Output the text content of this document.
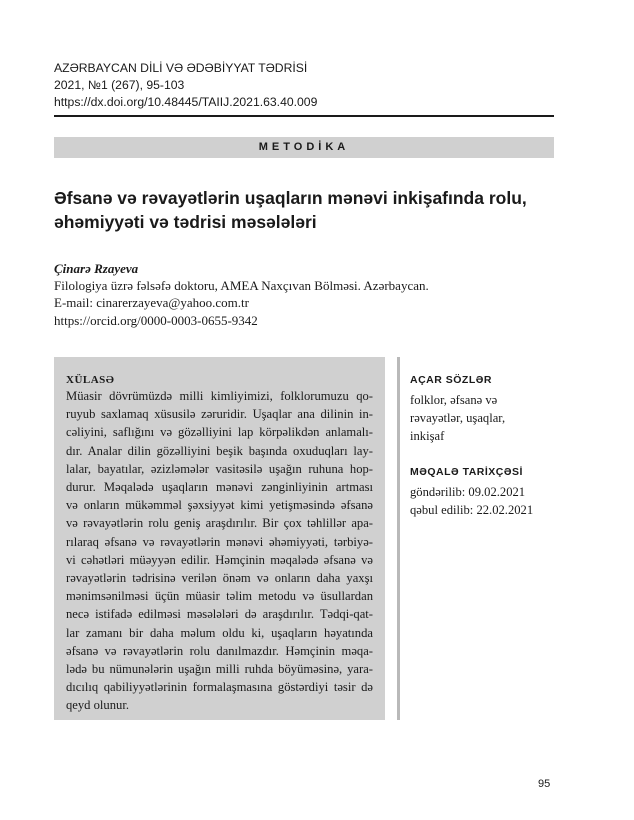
AZƏRBAYCAN DİLİ VƏ ƏDƏBİYYAT TƏDRİSİ
2021, №1 (267), 95-103
https://dx.doi.org/10.48445/TAIIJ.2021.63.40.009
METODİKA
Əfsanə və rəvayətlərin uşaqların mənəvi inkişafında rolu,
əhəmiyyəti və tədrisi məsələləri
Çinarə Rzayeva
Filologiya üzrə fəlsəfə doktoru, AMEA Naxçıvan Bölməsi. Azərbaycan.
E-mail: cinarerzayeva@yahoo.com.tr
https://orcid.org/0000-0003-0655-9342
XÜLASƏ
Müasir dövrümüzdə milli kimliyimizi, folklorumuzu qo-
ruyub saxlamaq xüsusilə zəruridir. Uşaqlar ana dilinin in-
cəliyini, saflığını və gözəlliyini lap körpəlikdən anlamalı-
dır. Analar dilin gözəlliyini beşik başında oxuduqları lay-
lalar, bayatılar, əzizləmələr vasitəsilə uşağın ruhuna hop-
durur. Məqalədə uşaqların mənəvi zənginliyinin artması
və onların mükəmməl şəxsiyyət kimi yetişməsində əfsanə
və rəvayətlərin rolu geniş araşdırılır. Bir çox təhlillər apa-
rılaraq əfsanə və rəvayətlərin mənəvi əhəmiyyəti, tərbiyə-
vi cəhətləri müəyyən edilir. Həmçinin məqalədə əfsanə və
rəvayətlərin tədrisinə verilən önəm və onların daha yaxşı
mənimsənilməsi üçün müasir təlim metodu və üsullardan
necə istifadə edilməsi məsələləri də araşdırılır. Tədqi-qat-
lar zamanı bir daha məlum oldu ki, uşaqların həyatında
əfsanə və rəvayətlərin rolu danılmazdır. Həmçinin məqa-
lədə bu nümunələrin uşağın milli ruhda böyüməsinə, yara-
dıcılıq qabiliyyətlərinin formalaşmasına göstərdiyi təsir də
qeyd olunur.
AÇAR SÖZLƏR
folklor, əfsanə və
rəvayətlər, uşaqlar,
inkişaf
MƏQALƏ TARİXÇƏSİ
göndərilib: 09.02.2021
qəbul edilib: 22.02.2021
95
